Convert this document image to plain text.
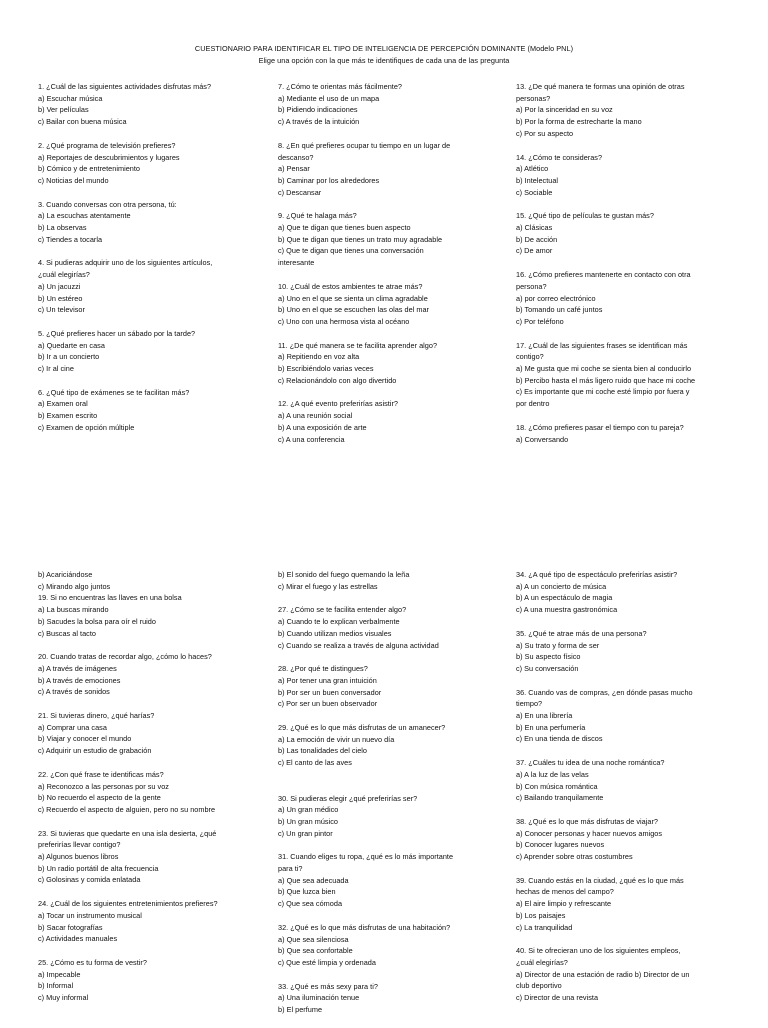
CUESTIONARIO PARA IDENTIFICAR EL TIPO DE INTELIGENCIA DE PERCEPCIÓN DOMINANTE (Modelo PNL)
Elige una opción con la que más te identifiques de cada una de las pregunta
1. ¿Cuál de las siguientes actividades disfrutas más?
a) Escuchar música
b) Ver películas
c) Bailar con buena música
2. ¿Qué programa de televisión prefieres?
a) Reportajes de descubrimientos y lugares
b) Cómico y de entretenimiento
c) Noticias del mundo
3. Cuando conversas con otra persona, tú:
a) La escuchas atentamente
b) La observas
c) Tiendes a tocarla
4. Si pudieras adquirir uno de los siguientes artículos,
¿cuál elegirías?
a) Un jacuzzi
b) Un estéreo
c) Un televisor
5. ¿Qué prefieres hacer un sábado por la tarde?
a) Quedarte en casa
b) Ir a un concierto
c) Ir al cine
6. ¿Qué tipo de exámenes se te facilitan más?
a) Examen oral
b) Examen escrito
c) Examen de opción múltiple
7. ¿Cómo te orientas más fácilmente?
a) Mediante el uso de un mapa
b) Pidiendo indicaciones
c) A través de la intuición
8. ¿En qué prefieres ocupar tu tiempo en un lugar de
descanso?
a) Pensar
b) Caminar por los alrededores
c) Descansar
9. ¿Qué te halaga más?
a) Que te digan que tienes buen aspecto
b) Que te digan que tienes un trato muy agradable
c) Que te digan que tienes una conversación
interesante
10. ¿Cuál de estos ambientes te atrae más?
a) Uno en el que se sienta un clima agradable
b) Uno en el que se escuchen las olas del mar
c) Uno con una hermosa vista al océano
11. ¿De qué manera se te facilita aprender algo?
a) Repitiendo en voz alta
b) Escribiéndolo varias veces
c) Relacionándolo con algo divertido
12. ¿A qué evento preferirías asistir?
a) A una reunión social
b) A una exposición de arte
c) A una conferencia
13. ¿De qué manera te formas una opinión de otras
personas?
a) Por la sinceridad en su voz
b) Por la forma de estrecharte la mano
c) Por su aspecto
14. ¿Cómo te consideras?
a) Atlético
b) Intelectual
c) Sociable
15. ¿Qué tipo de películas te gustan más?
a) Clásicas
b) De acción
c) De amor
16. ¿Cómo prefieres mantenerte en contacto con otra
persona?
a) por correo electrónico
b) Tomando un café juntos
c) Por teléfono
17. ¿Cuál de las siguientes frases se identifican más
contigo?
a) Me gusta que mi coche se sienta bien al conducirlo
b) Percibo hasta el más ligero ruido que hace mi coche
c) Es importante que mi coche esté limpio por fuera y
por dentro
18. ¿Cómo prefieres pasar el tiempo con tu pareja?
a) Conversando
b) Acariciándose
c) Mirando algo juntos
19. Si no encuentras las llaves en una bolsa
a) La buscas mirando
b) Sacudes la bolsa para oír el ruido
c) Buscas al tacto
20. Cuando tratas de recordar algo, ¿cómo lo haces?
a) A través de imágenes
b) A través de emociones
c) A través de sonidos
21. Si tuvieras dinero, ¿qué harías?
a) Comprar una casa
b) Viajar y conocer el mundo
c) Adquirir un estudio de grabación
22. ¿Con qué frase te identificas más?
a) Reconozco a las personas por su voz
b) No recuerdo el aspecto de la gente
c) Recuerdo el aspecto de alguien, pero no su nombre
23. Si tuvieras que quedarte en una isla desierta, ¿qué
preferirías llevar contigo?
a) Algunos buenos libros
b) Un radio portátil de alta frecuencia
c) Golosinas y comida enlatada
24. ¿Cuál de los siguientes entretenimientos prefieres?
a) Tocar un instrumento musical
b) Sacar fotografías
c) Actividades manuales
25. ¿Cómo es tu forma de vestir?
a) Impecable
b) Informal
c) Muy informal
b) El sonido del fuego quemando la leña
c) Mirar el fuego y las estrellas
27. ¿Cómo se te facilita entender algo?
a) Cuando te lo explican verbalmente
b) Cuando utilizan medios visuales
c) Cuando se realiza a través de alguna actividad
28. ¿Por qué te distingues?
a) Por tener una gran intuición
b) Por ser un buen conversador
c) Por ser un buen observador
29. ¿Qué es lo que más disfrutas de un amanecer?
a) La emoción de vivir un nuevo día
b) Las tonalidades del cielo
c) El canto de las aves
30. Si pudieras elegir ¿qué preferirías ser?
a) Un gran médico
b) Un gran músico
c) Un gran pintor
31. Cuando eliges tu ropa, ¿qué es lo más importante
para ti?
a) Que sea adecuada
b) Que luzca bien
c) Que sea cómoda
32. ¿Qué es lo que más disfrutas de una habitación?
a) Que sea silenciosa
b) Que sea confortable
c) Que esté limpia y ordenada
33. ¿Qué es más sexy para ti?
a) Una iluminación tenue
b) El perfume
34. ¿A qué tipo de espectáculo preferirías asistir?
a) A un concierto de música
b) A un espectáculo de magia
c) A una muestra gastronómica
35. ¿Qué te atrae más de una persona?
a) Su trato y forma de ser
b) Su aspecto físico
c) Su conversación
36. Cuando vas de compras, ¿en dónde pasas mucho
tiempo?
a) En una librería
b) En una perfumería
c) En una tienda de discos
37. ¿Cuáles tu idea de una noche romántica?
a) A la luz de las velas
b) Con música romántica
c) Bailando tranquilamente
38. ¿Qué es lo que más disfrutas de viajar?
a) Conocer personas y hacer nuevos amigos
b) Conocer lugares nuevos
c) Aprender sobre otras costumbres
39. Cuando estás en la ciudad, ¿qué es lo que más
hechas de menos del campo?
a) El aire limpio y refrescante
b) Los paisajes
c) La tranquilidad
40. Si te ofrecieran uno de los siguientes empleos,
¿cuál elegirías?
a) Director de una estación de radio b) Director de un
club deportivo
c) Director de una revista
